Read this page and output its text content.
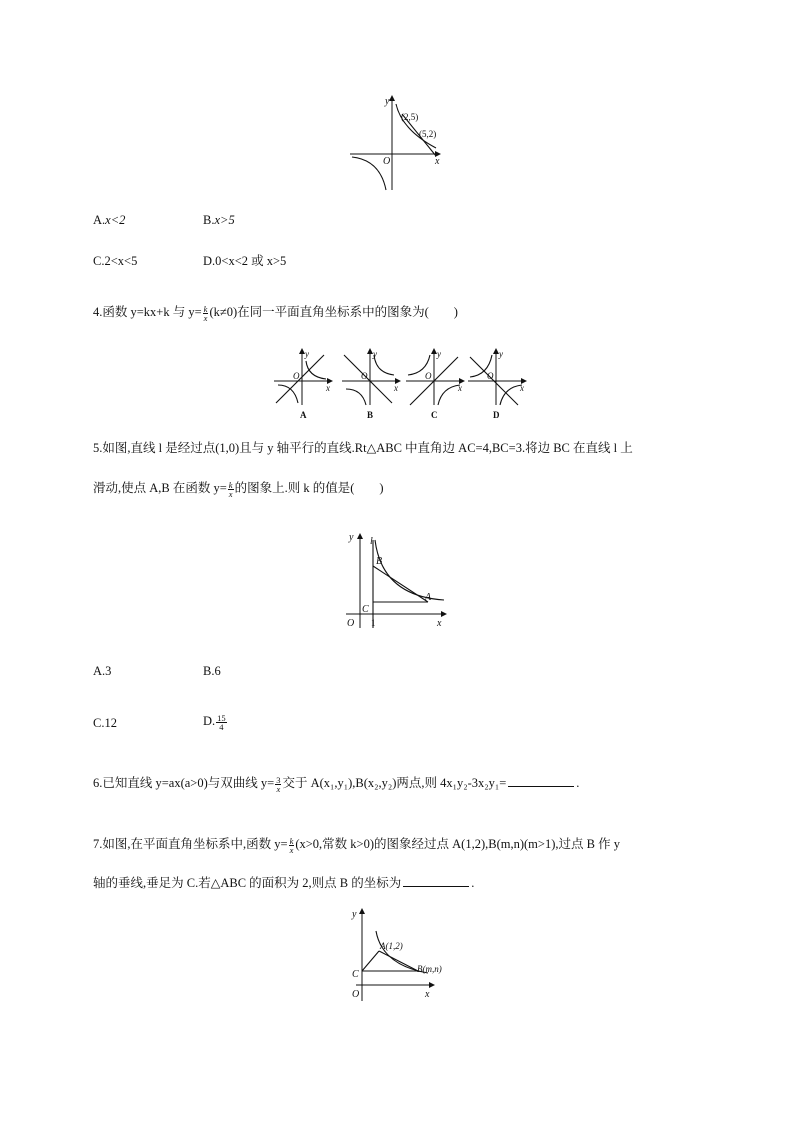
y
x
O
(2,5)
(5,2)
A.x<2	B.x>5
C.2<x<5	D.0<x<2 或 x>5
4.函数 y=kx+k 与 $y= \frac{k}{x} (k\ne 0)$在同一平面直角坐标系中的图象为(　　)
y
x
O
A
y
x
O
B
y
x
O
C
y
x
O
D
5.如图,直线 l 是经过点(1,0)且与 y 轴平行的直线.Rt△ABC 中直角边 AC=4,BC=3.将边 BC 在直线 l 上
滑动,使点 A,B 在函数 $y= \frac{k}{x}$ 的图象上.则 k 的值是(　　)
y l
B
A
C
O 1	x
A.3	B.6
C.12	D. $\frac{15}{4}$
6.已知直线 y=ax(a>0)与双曲线 $y= \frac{3}{x}$ 交于 A(x₁,y₁),B(x₂,y₂)两点,则 4x₁y₂-3x₂y₁=	.
7.如图,在平面直角坐标系中,函数 $y= \frac{k}{x} (x>0$,常数 k>0)的图象经过点 A(1,2),B(m,n)(m>1),过点 B 作 y
轴的垂线,垂足为 C.若△ABC 的面积为 2,则点 B 的坐标为	.
y
A(1,2)
B(m,n)
C
O	x
